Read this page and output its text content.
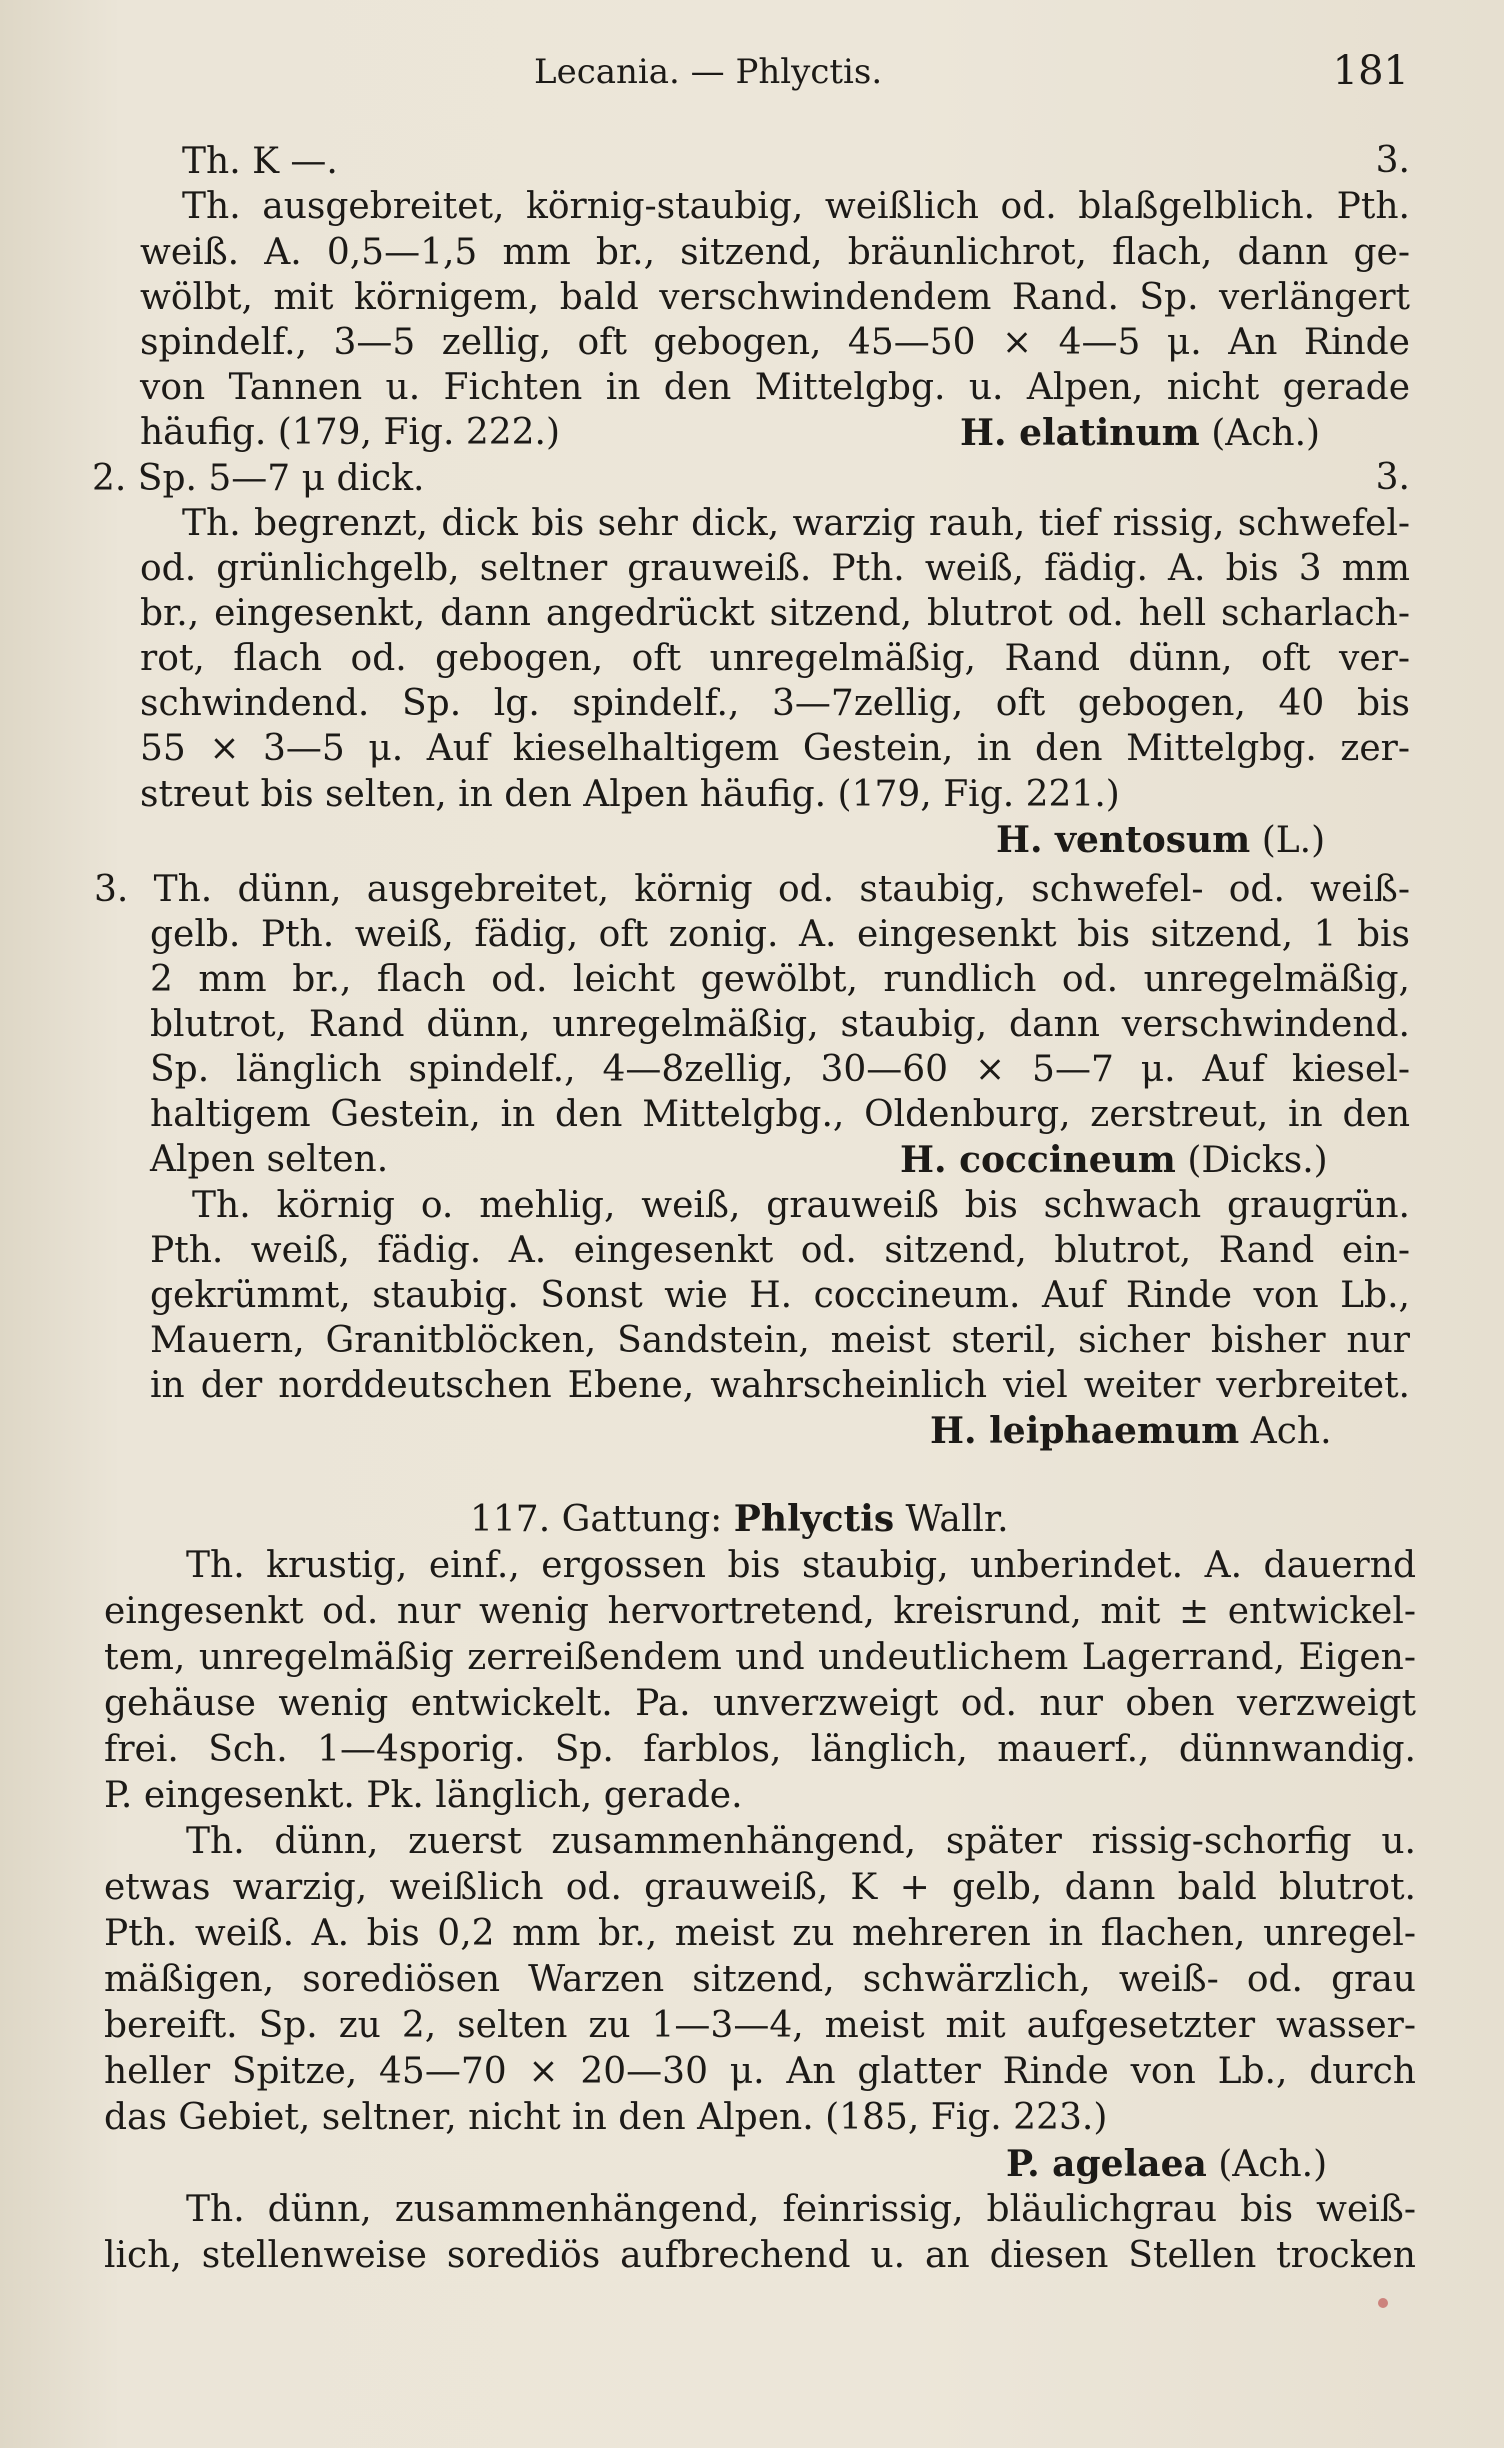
Lecania. — Phlyctis.	181
Th. K —.	3.
Th. ausgebreitet, körnig-staubig, weißlich od. blaßgelblich. Pth.
weiß. A. 0,5—1,5 mm br., sitzend, bräunlichrot, flach, dann ge-
wölbt, mit körnigem, bald verschwindendem Rand. Sp. verlängert
spindelf., 3—5 zellig, oft gebogen, 45—50 × 4—5 μ. An Rinde
von Tannen u. Fichten in den Mittelgbg. u. Alpen, nicht gerade
häufig. (179, Fig. 222.)	H. elatinum (Ach.)
2. Sp. 5—7 μ dick.	3.
Th. begrenzt, dick bis sehr dick, warzig rauh, tief rissig, schwefel-
od. grünlichgelb, seltner grauweiß. Pth. weiß, fädig. A. bis 3 mm
br., eingesenkt, dann angedrückt sitzend, blutrot od. hell scharlach-
rot, flach od. gebogen, oft unregelmäßig, Rand dünn, oft ver-
schwindend. Sp. lg. spindelf., 3—7zellig, oft gebogen, 40 bis
55 × 3—5 μ. Auf kieselhaltigem Gestein, in den Mittelgbg. zer-
streut bis selten, in den Alpen häufig. (179, Fig. 221.)
H. ventosum (L.)
3. Th. dünn, ausgebreitet, körnig od. staubig, schwefel- od. weiß-
gelb. Pth. weiß, fädig, oft zonig. A. eingesenkt bis sitzend, 1 bis
2 mm br., flach od. leicht gewölbt, rundlich od. unregelmäßig,
blutrot, Rand dünn, unregelmäßig, staubig, dann verschwindend.
Sp. länglich spindelf., 4—8zellig, 30—60 × 5—7 μ. Auf kiesel-
haltigem Gestein, in den Mittelgbg., Oldenburg, zerstreut, in den
Alpen selten.	H. coccineum (Dicks.)
Th. körnig o. mehlig, weiß, grauweiß bis schwach graugrün.
Pth. weiß, fädig. A. eingesenkt od. sitzend, blutrot, Rand ein-
gekrümmt, staubig. Sonst wie H. coccineum. Auf Rinde von Lb.,
Mauern, Granitblöcken, Sandstein, meist steril, sicher bisher nur
in der norddeutschen Ebene, wahrscheinlich viel weiter verbreitet.
H. leiphaemum Ach.
117. Gattung: Phlyctis Wallr.
Th. krustig, einf., ergossen bis staubig, unberindet. A. dauernd
eingesenkt od. nur wenig hervortretend, kreisrund, mit ± entwickel-
tem, unregelmäßig zerreißendem und undeutlichem Lagerrand, Eigen-
gehäuse wenig entwickelt. Pa. unverzweigt od. nur oben verzweigt
frei. Sch. 1—4sporig. Sp. farblos, länglich, mauerf., dünnwandig.
P. eingesenkt. Pk. länglich, gerade.
Th. dünn, zuerst zusammenhängend, später rissig-schorfig u.
etwas warzig, weißlich od. grauweiß, K + gelb, dann bald blutrot.
Pth. weiß. A. bis 0,2 mm br., meist zu mehreren in flachen, unregel-
mäßigen, sorediösen Warzen sitzend, schwärzlich, weiß- od. grau
bereift. Sp. zu 2, selten zu 1—3—4, meist mit aufgesetzter wasser-
heller Spitze, 45—70 × 20—30 μ. An glatter Rinde von Lb., durch
das Gebiet, seltner, nicht in den Alpen. (185, Fig. 223.)
P. agelaea (Ach.)
Th. dünn, zusammenhängend, feinrissig, bläulichgrau bis weiß-
lich, stellenweise sorediös aufbrechend u. an diesen Stellen trocken
